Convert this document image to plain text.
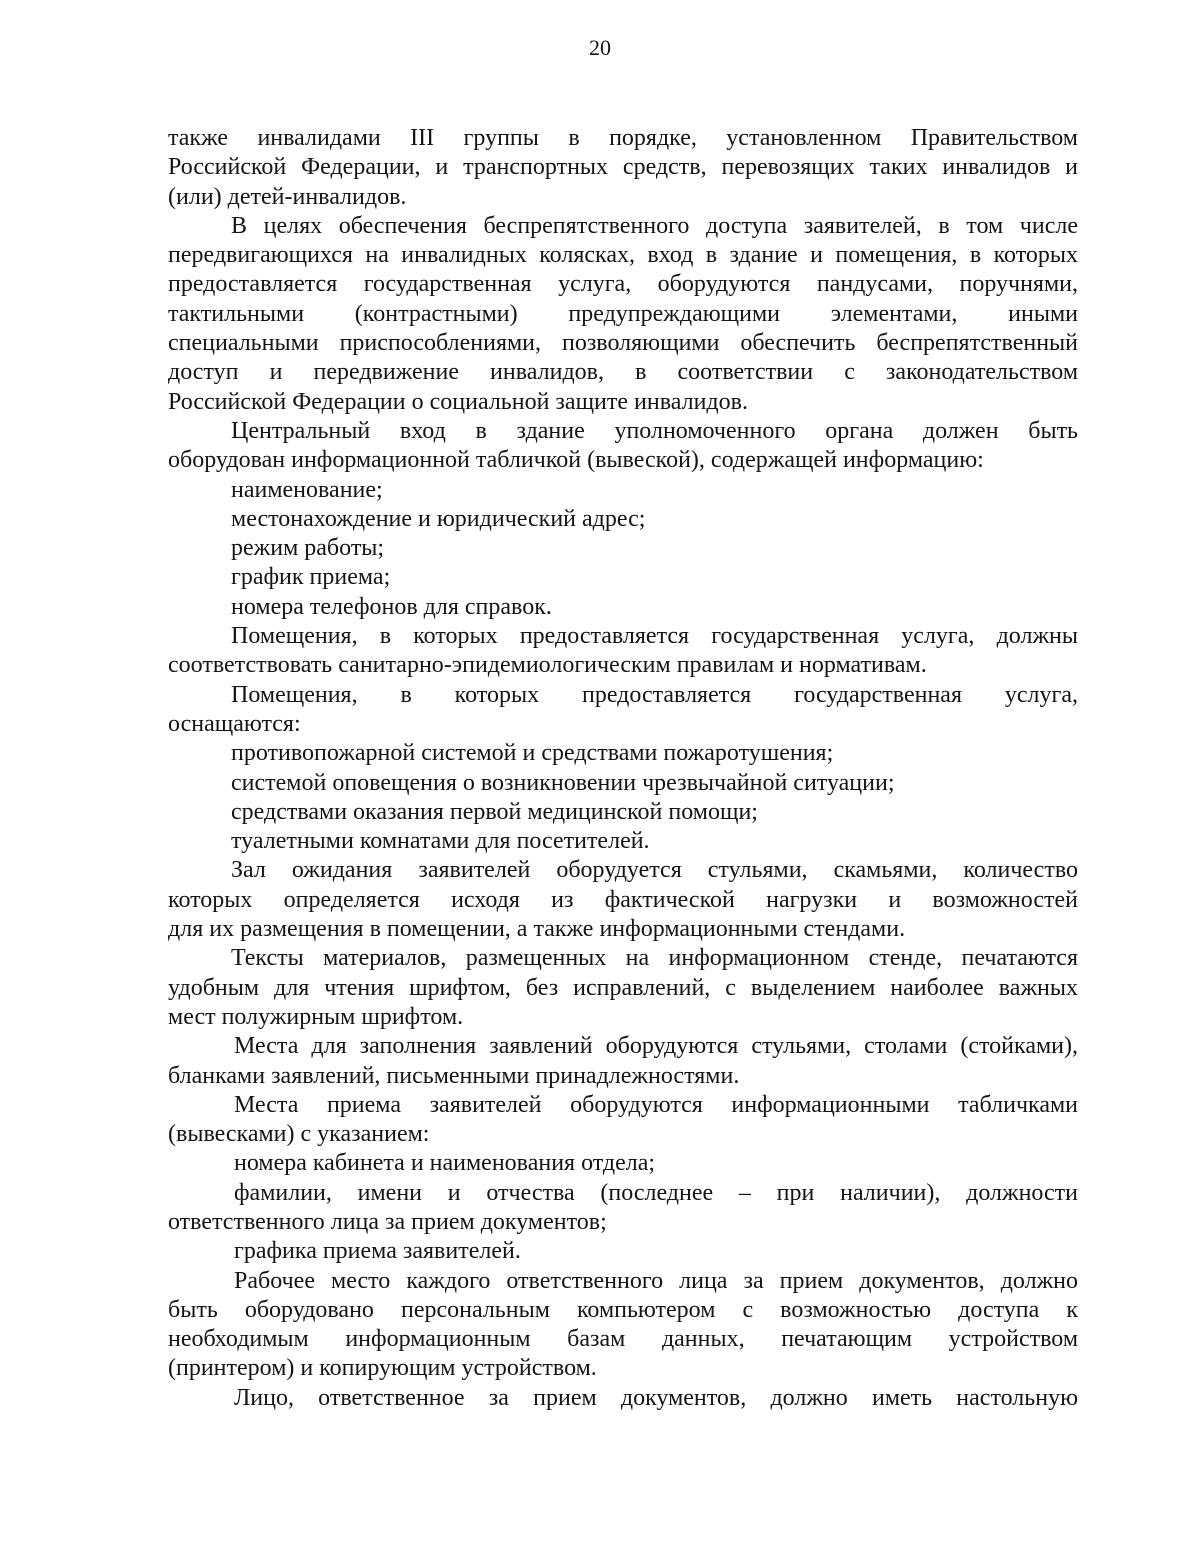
20
также инвалидами III группы в порядке, установленном Правительством
Российской Федерации, и транспортных средств, перевозящих таких инвалидов и
(или) детей-инвалидов.
В целях обеспечения беспрепятственного доступа заявителей, в том числе
передвигающихся на инвалидных колясках, вход в здание и помещения, в которых
предоставляется государственная услуга, оборудуются пандусами, поручнями,
тактильными (контрастными) предупреждающими элементами, иными
специальными приспособлениями, позволяющими обеспечить беспрепятственный
доступ и передвижение инвалидов, в соответствии с законодательством
Российской Федерации о социальной защите инвалидов.
Центральный вход в здание уполномоченного органа должен быть
оборудован информационной табличкой (вывеской), содержащей информацию:
наименование;
местонахождение и юридический адрес;
режим работы;
график приема;
номера телефонов для справок.
Помещения, в которых предоставляется государственная услуга, должны
соответствовать санитарно-эпидемиологическим правилам и нормативам.
Помещения, в которых предоставляется государственная услуга,
оснащаются:
противопожарной системой и средствами пожаротушения;
системой оповещения о возникновении чрезвычайной ситуации;
средствами оказания первой медицинской помощи;
туалетными комнатами для посетителей.
Зал ожидания заявителей оборудуется стульями, скамьями, количество
которых определяется исходя из фактической нагрузки и возможностей
для их размещения в помещении, а также информационными стендами.
Тексты материалов, размещенных на информационном стенде, печатаются
удобным для чтения шрифтом, без исправлений, с выделением наиболее важных
мест полужирным шрифтом.
Места для заполнения заявлений оборудуются стульями, столами (стойками),
бланками заявлений, письменными принадлежностями.
Места приема заявителей оборудуются информационными табличками
(вывесками) с указанием:
номера кабинета и наименования отдела;
фамилии, имени и отчества (последнее – при наличии), должности
ответственного лица за прием документов;
графика приема заявителей.
Рабочее место каждого ответственного лица за прием документов, должно
быть оборудовано персональным компьютером с возможностью доступа к
необходимым информационным базам данных, печатающим устройством
(принтером) и копирующим устройством.
Лицо, ответственное за прием документов, должно иметь настольную
